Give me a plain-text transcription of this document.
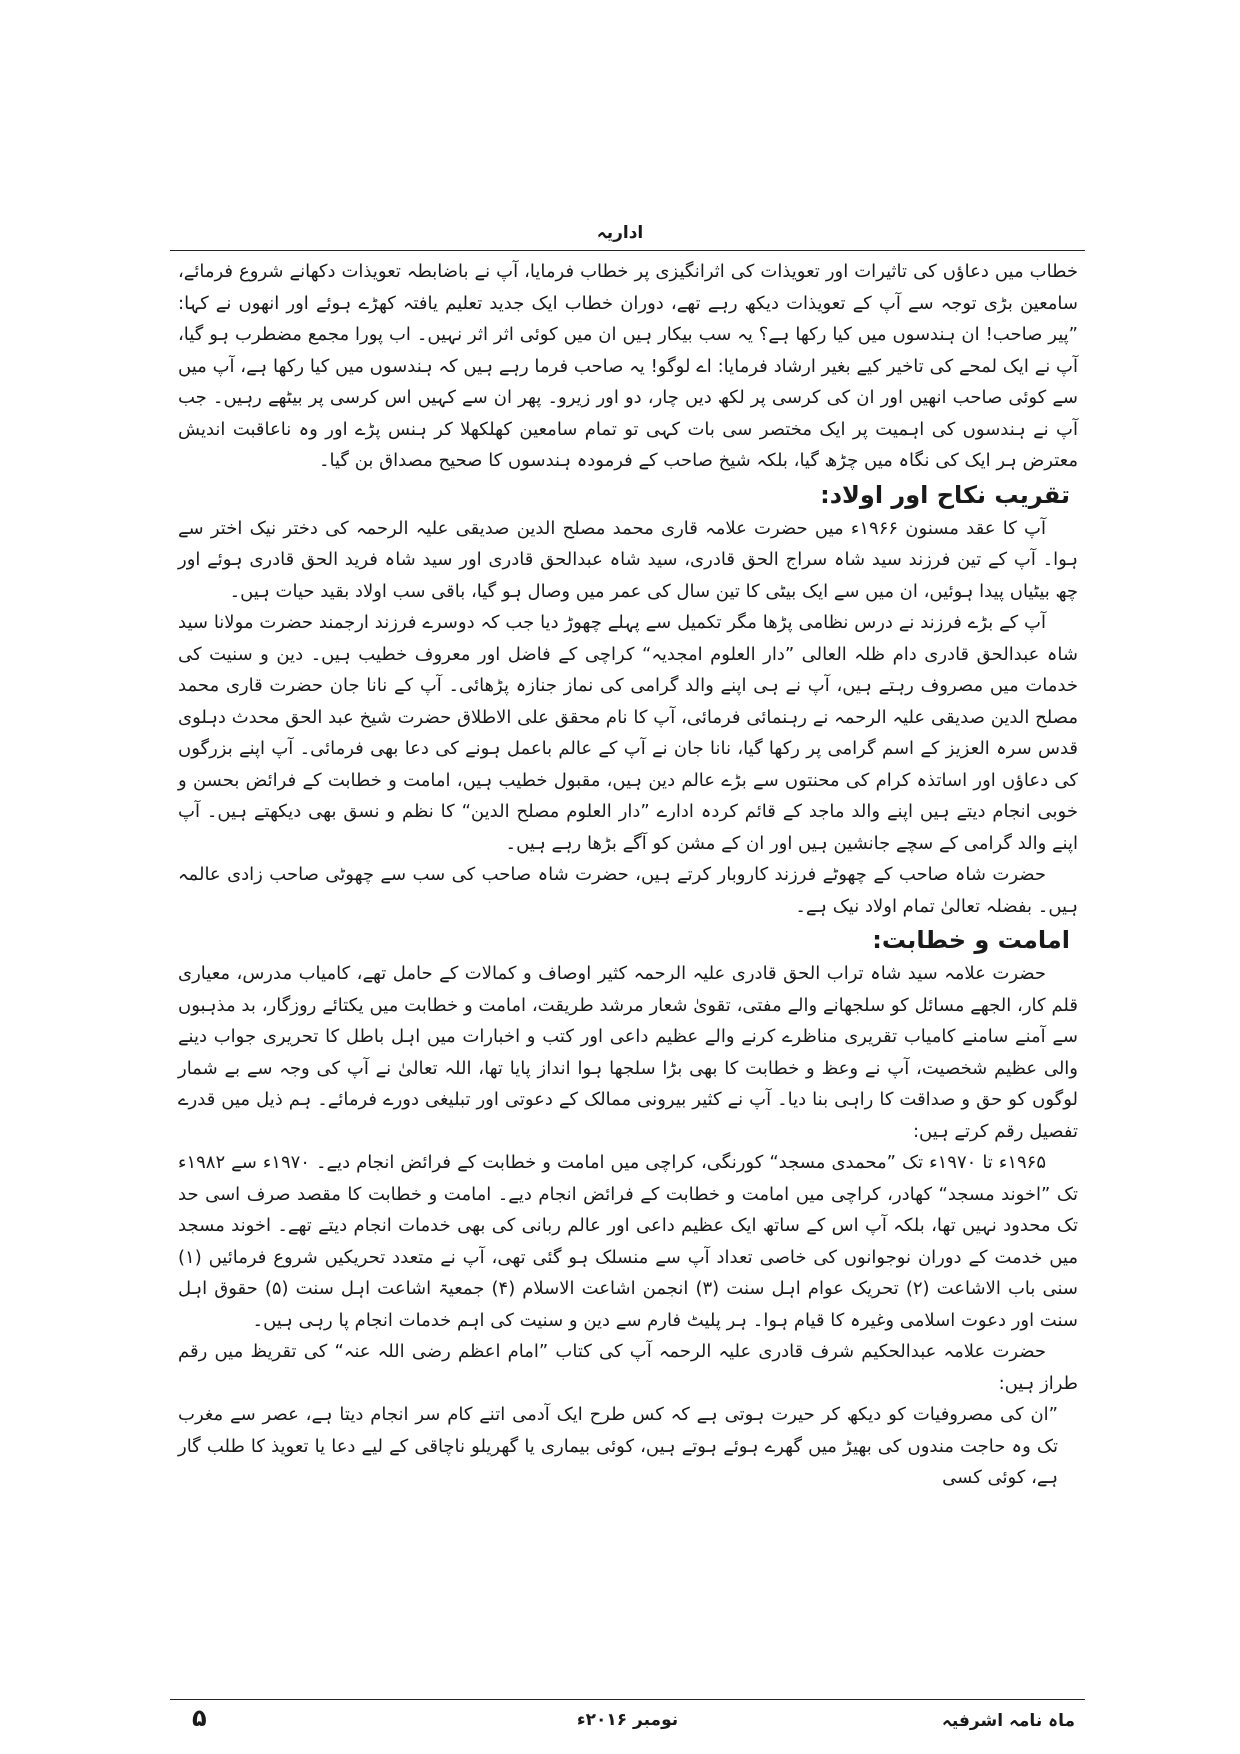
اداریہ

خطاب میں دعاؤں کی تاثیرات اور تعویذات کی اثرانگیزی پر خطاب فرمایا، آپ نے باضابطہ تعویذات دکھانے شروع فرمائے، سامعین بڑی توجہ سے آپ کے تعویذات دیکھ رہے تھے، دوران خطاب ایک جدید تعلیم یافتہ کھڑے ہوئے اور انھوں نے کہا: ”پیر صاحب! ان ہندسوں میں کیا رکھا ہے؟ یہ سب بیکار ہیں ان میں کوئی اثر اثر نہیں۔ اب پورا مجمع مضطرب ہو گیا، آپ نے ایک لمحے کی تاخیر کیے بغیر ارشاد فرمایا: اے لوگو! یہ صاحب فرما رہے ہیں کہ ہندسوں میں کیا رکھا ہے، آپ میں سے کوئی صاحب انھیں اور ان کی کرسی پر لکھ دیں چار، دو اور زیرو۔ پھر ان سے کہیں اس کرسی پر بیٹھے رہیں۔ جب آپ نے ہندسوں کی اہمیت پر ایک مختصر سی بات کہی تو تمام سامعین کھلکھلا کر ہنس پڑے اور وہ ناعاقبت اندیش معترض ہر ایک کی نگاہ میں چڑھ گیا، بلکہ شیخ صاحب کے فرمودہ ہندسوں کا صحیح مصداق بن گیا۔

تقریب نکاح اور اولاد:

آپ کا عقد مسنون ۱۹۶۶ء میں حضرت علامہ قاری محمد مصلح الدین صدیقی علیہ الرحمہ کی دختر نیک اختر سے ہوا۔ آپ کے تین فرزند سید شاہ سراج الحق قادری، سید شاہ عبدالحق قادری اور سید شاہ فرید الحق قادری ہوئے اور چھ بیٹیاں پیدا ہوئیں، ان میں سے ایک بیٹی کا تین سال کی عمر میں وصال ہو گیا، باقی سب اولاد بقید حیات ہیں۔

آپ کے بڑے فرزند نے درس نظامی پڑھا مگر تکمیل سے پہلے چھوڑ دیا جب کہ دوسرے فرزند ارجمند حضرت مولانا سید شاہ عبدالحق قادری دام ظلہ العالی ”دار العلوم امجدیہ“ کراچی کے فاضل اور معروف خطیب ہیں۔ دین و سنیت کی خدمات میں مصروف رہتے ہیں، آپ نے ہی اپنے والد گرامی کی نماز جنازہ پڑھائی۔ آپ کے نانا جان حضرت قاری محمد مصلح الدین صدیقی علیہ الرحمہ نے رہنمائی فرمائی، آپ کا نام محقق علی الاطلاق حضرت شیخ عبد الحق محدث دہلوی قدس سرہ العزیز کے اسم گرامی پر رکھا گیا، نانا جان نے آپ کے عالم باعمل ہونے کی دعا بھی فرمائی۔ آپ اپنے بزرگوں کی دعاؤں اور اساتذہ کرام کی محنتوں سے بڑے عالم دین ہیں، مقبول خطیب ہیں، امامت و خطابت کے فرائض بحسن و خوبی انجام دیتے ہیں اپنے والد ماجد کے قائم کردہ ادارے ”دار العلوم مصلح الدین“ کا نظم و نسق بھی دیکھتے ہیں۔ آپ اپنے والد گرامی کے سچے جانشین ہیں اور ان کے مشن کو آگے بڑھا رہے ہیں۔

حضرت شاہ صاحب کے چھوٹے فرزند کاروبار کرتے ہیں، حضرت شاہ صاحب کی سب سے چھوٹی صاحب زادی عالمہ ہیں۔ بفضلہ تعالیٰ تمام اولاد نیک ہے۔

امامت و خطابت:

حضرت علامہ سید شاہ تراب الحق قادری علیہ الرحمہ کثیر اوصاف و کمالات کے حامل تھے، کامیاب مدرس، معیاری قلم کار، الجھے مسائل کو سلجھانے والے مفتی، تقویٰ شعار مرشد طریقت، امامت و خطابت میں یکتائے روزگار، بد مذہبوں سے آمنے سامنے کامیاب تقریری مناظرے کرنے والے عظیم داعی اور کتب و اخبارات میں اہل باطل کا تحریری جواب دینے والی عظیم شخصیت، آپ نے وعظ و خطابت کا بھی بڑا سلجھا ہوا انداز پایا تھا، اللہ تعالیٰ نے آپ کی وجہ سے بے شمار لوگوں کو حق و صداقت کا راہی بنا دیا۔ آپ نے کثیر بیرونی ممالک کے دعوتی اور تبلیغی دورے فرمائے۔ ہم ذیل میں قدرے تفصیل رقم کرتے ہیں:

۱۹۶۵ء تا ۱۹۷۰ء تک ”محمدی مسجد“ کورنگی، کراچی میں امامت و خطابت کے فرائض انجام دیے۔ ۱۹۷۰ء سے ۱۹۸۲ء تک ”اخوند مسجد“ کھادر، کراچی میں امامت و خطابت کے فرائض انجام دیے۔ امامت و خطابت کا مقصد صرف اسی حد تک محدود نہیں تھا، بلکہ آپ اس کے ساتھ ایک عظیم داعی اور عالم ربانی کی بھی خدمات انجام دیتے تھے۔ اخوند مسجد میں خدمت کے دوران نوجوانوں کی خاصی تعداد آپ سے منسلک ہو گئی تھی، آپ نے متعدد تحریکیں شروع فرمائیں (۱) سنی باب الاشاعت (۲) تحریک عوام اہل سنت (۳) انجمن اشاعت الاسلام (۴) جمعیۃ اشاعت اہل سنت (۵) حقوق اہل سنت اور دعوت اسلامی وغیرہ کا قیام ہوا۔ ہر پلیٹ فارم سے دین و سنیت کی اہم خدمات انجام پا رہی ہیں۔

حضرت علامہ عبدالحکیم شرف قادری علیہ الرحمہ آپ کی کتاب ”امام اعظم رضی اللہ عنہ“ کی تقریظ میں رقم طراز ہیں:

”ان کی مصروفیات کو دیکھ کر حیرت ہوتی ہے کہ کس طرح ایک آدمی اتنے کام سر انجام دیتا ہے، عصر سے مغرب تک وہ حاجت مندوں کی بھیڑ میں گھرے ہوئے ہوتے ہیں، کوئی بیماری یا گھریلو ناچاقی کے لیے دعا یا تعویذ کا طلب گار ہے، کوئی کسی
ماہ نامہ اشرفیہ
نومبر ۲۰۱۶ء
۵
